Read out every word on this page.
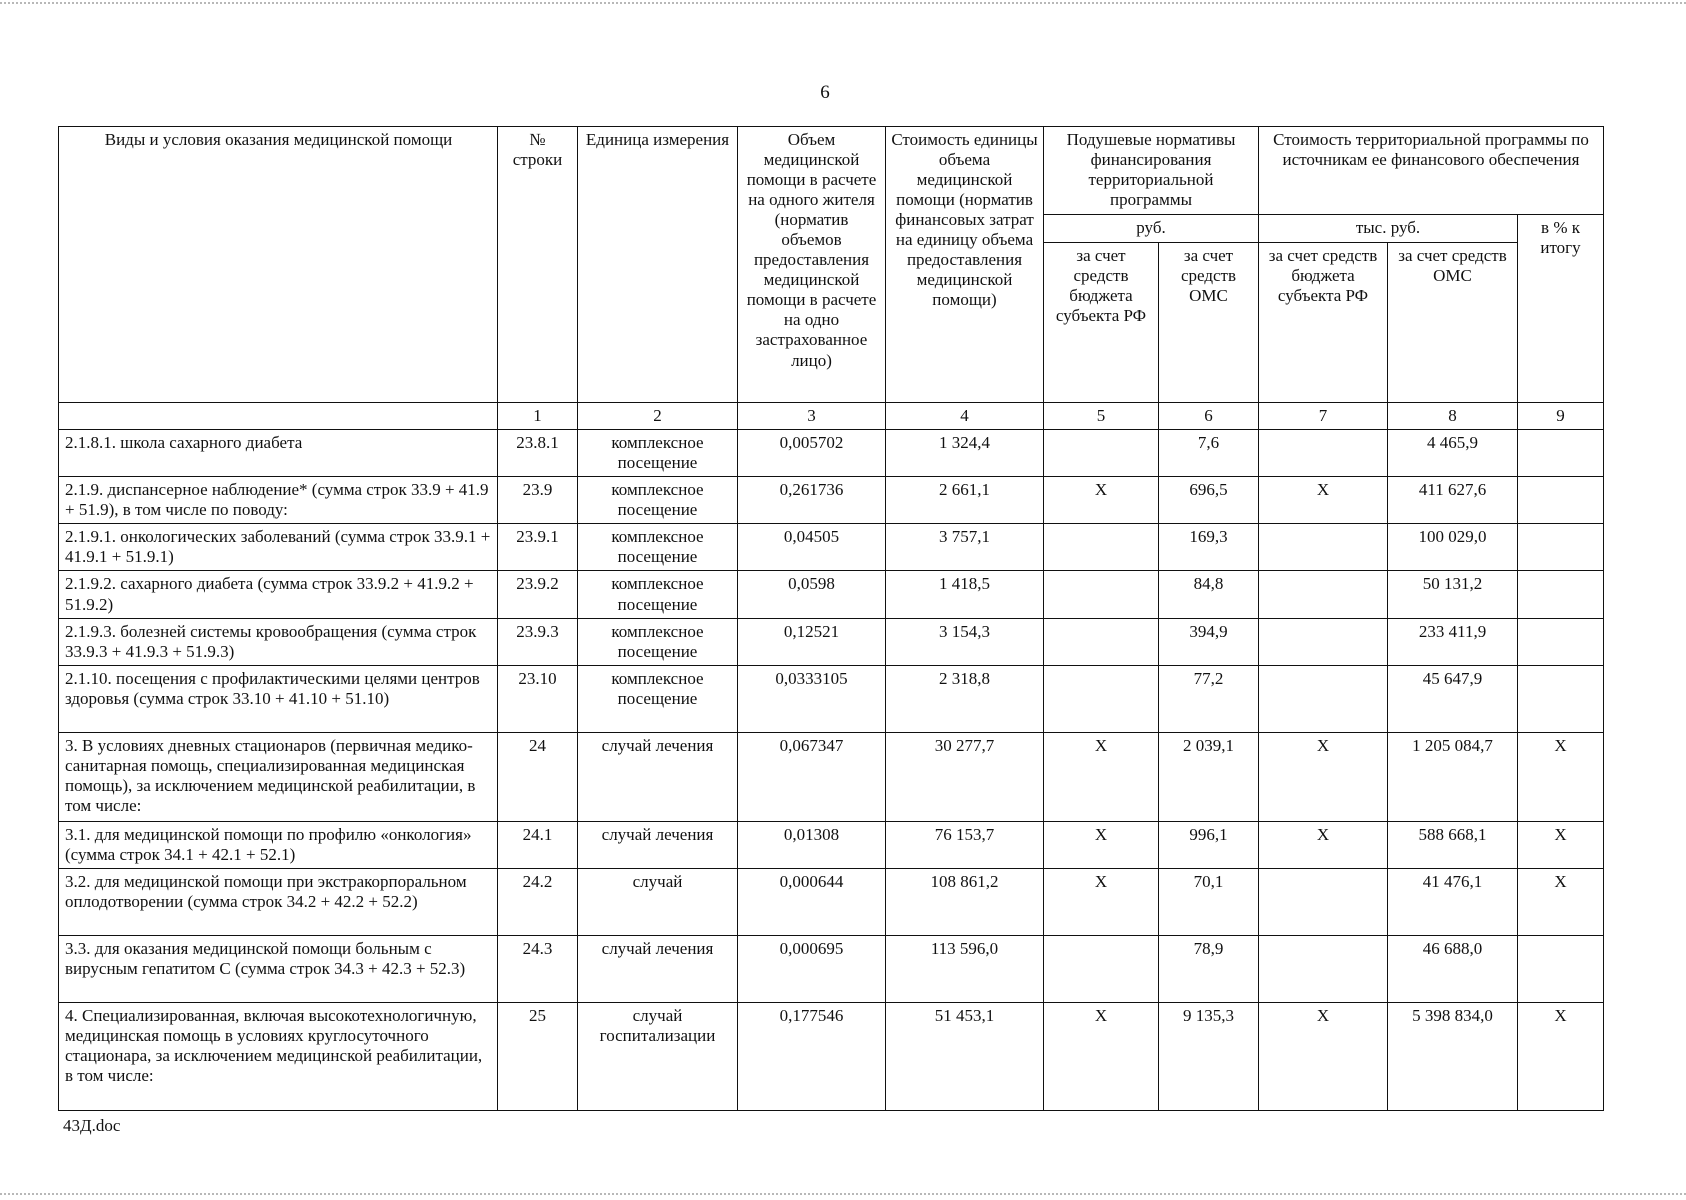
6
Виды и условия оказания медицинской помощи	№ строки	Единица измерения	Объем медицинской помощи в расчете на одного жителя (норматив объемов предоставления медицинской помощи в расчете на одно застрахованное лицо)	Стоимость единицы объема медицинской помощи (норматив финансовых затрат на единицу объема предоставления медицинской помощи)	Подушевые нормативы финансирования территориальной программы		Стоимость территориальной программы по источникам ее финансового обеспечения		
					руб.		тыс. руб.		в % к итогу
					за счет средств бюджета субъекта РФ	за счет средств ОМС	за счет средств бюджета субъекта РФ	за счет средств ОМС	
	1	2	3	4	5	6	7	8	9
2.1.8.1. школа сахарного диабета	23.8.1	комплексное посещение	0,005702	1 324,4		7,6		4 465,9	
2.1.9. диспансерное наблюдение* (сумма строк 33.9 + 41.9 + 51.9), в том числе по поводу:	23.9	комплексное посещение	0,261736	2 661,1	Х	696,5	Х	411 627,6	
2.1.9.1. онкологических заболеваний (сумма строк 33.9.1 + 41.9.1 + 51.9.1)	23.9.1	комплексное посещение	0,04505	3 757,1		169,3		100 029,0	
2.1.9.2. сахарного диабета (сумма строк 33.9.2 + 41.9.2 + 51.9.2)	23.9.2	комплексное посещение	0,0598	1 418,5		84,8		50 131,2	
2.1.9.3. болезней системы кровообращения (сумма строк 33.9.3 + 41.9.3 + 51.9.3)	23.9.3	комплексное посещение	0,12521	3 154,3		394,9		233 411,9	
2.1.10. посещения с профилактическими целями центров здоровья (сумма строк 33.10 + 41.10 + 51.10)	23.10	комплексное посещение	0,0333105	2 318,8		77,2		45 647,9	
3. В условиях дневных стационаров (первичная медико-санитарная помощь, специализированная медицинская помощь), за исключением медицинской реабилитации, в том числе:	24	случай лечения	0,067347	30 277,7	Х	2 039,1	Х	1 205 084,7	Х
3.1. для медицинской помощи по профилю «онкология» (сумма строк 34.1 + 42.1 + 52.1)	24.1	случай лечения	0,01308	76 153,7	Х	996,1	Х	588 668,1	Х
3.2. для медицинской помощи при экстракорпоральном оплодотворении (сумма строк 34.2 + 42.2 + 52.2)	24.2	случай	0,000644	108 861,2	Х	70,1		41 476,1	Х
3.3. для оказания медицинской помощи больным с вирусным гепатитом С (сумма строк 34.3 + 42.3 + 52.3)	24.3	случай лечения	0,000695	113 596,0		78,9		46 688,0	
4. Специализированная, включая высокотехнологичную, медицинская помощь в условиях круглосуточного стационара, за исключением медицинской реабилитации, в том числе:	25	случай госпитализации	0,177546	51 453,1	Х	9 135,3	Х	5 398 834,0	Х
43Д.doc
